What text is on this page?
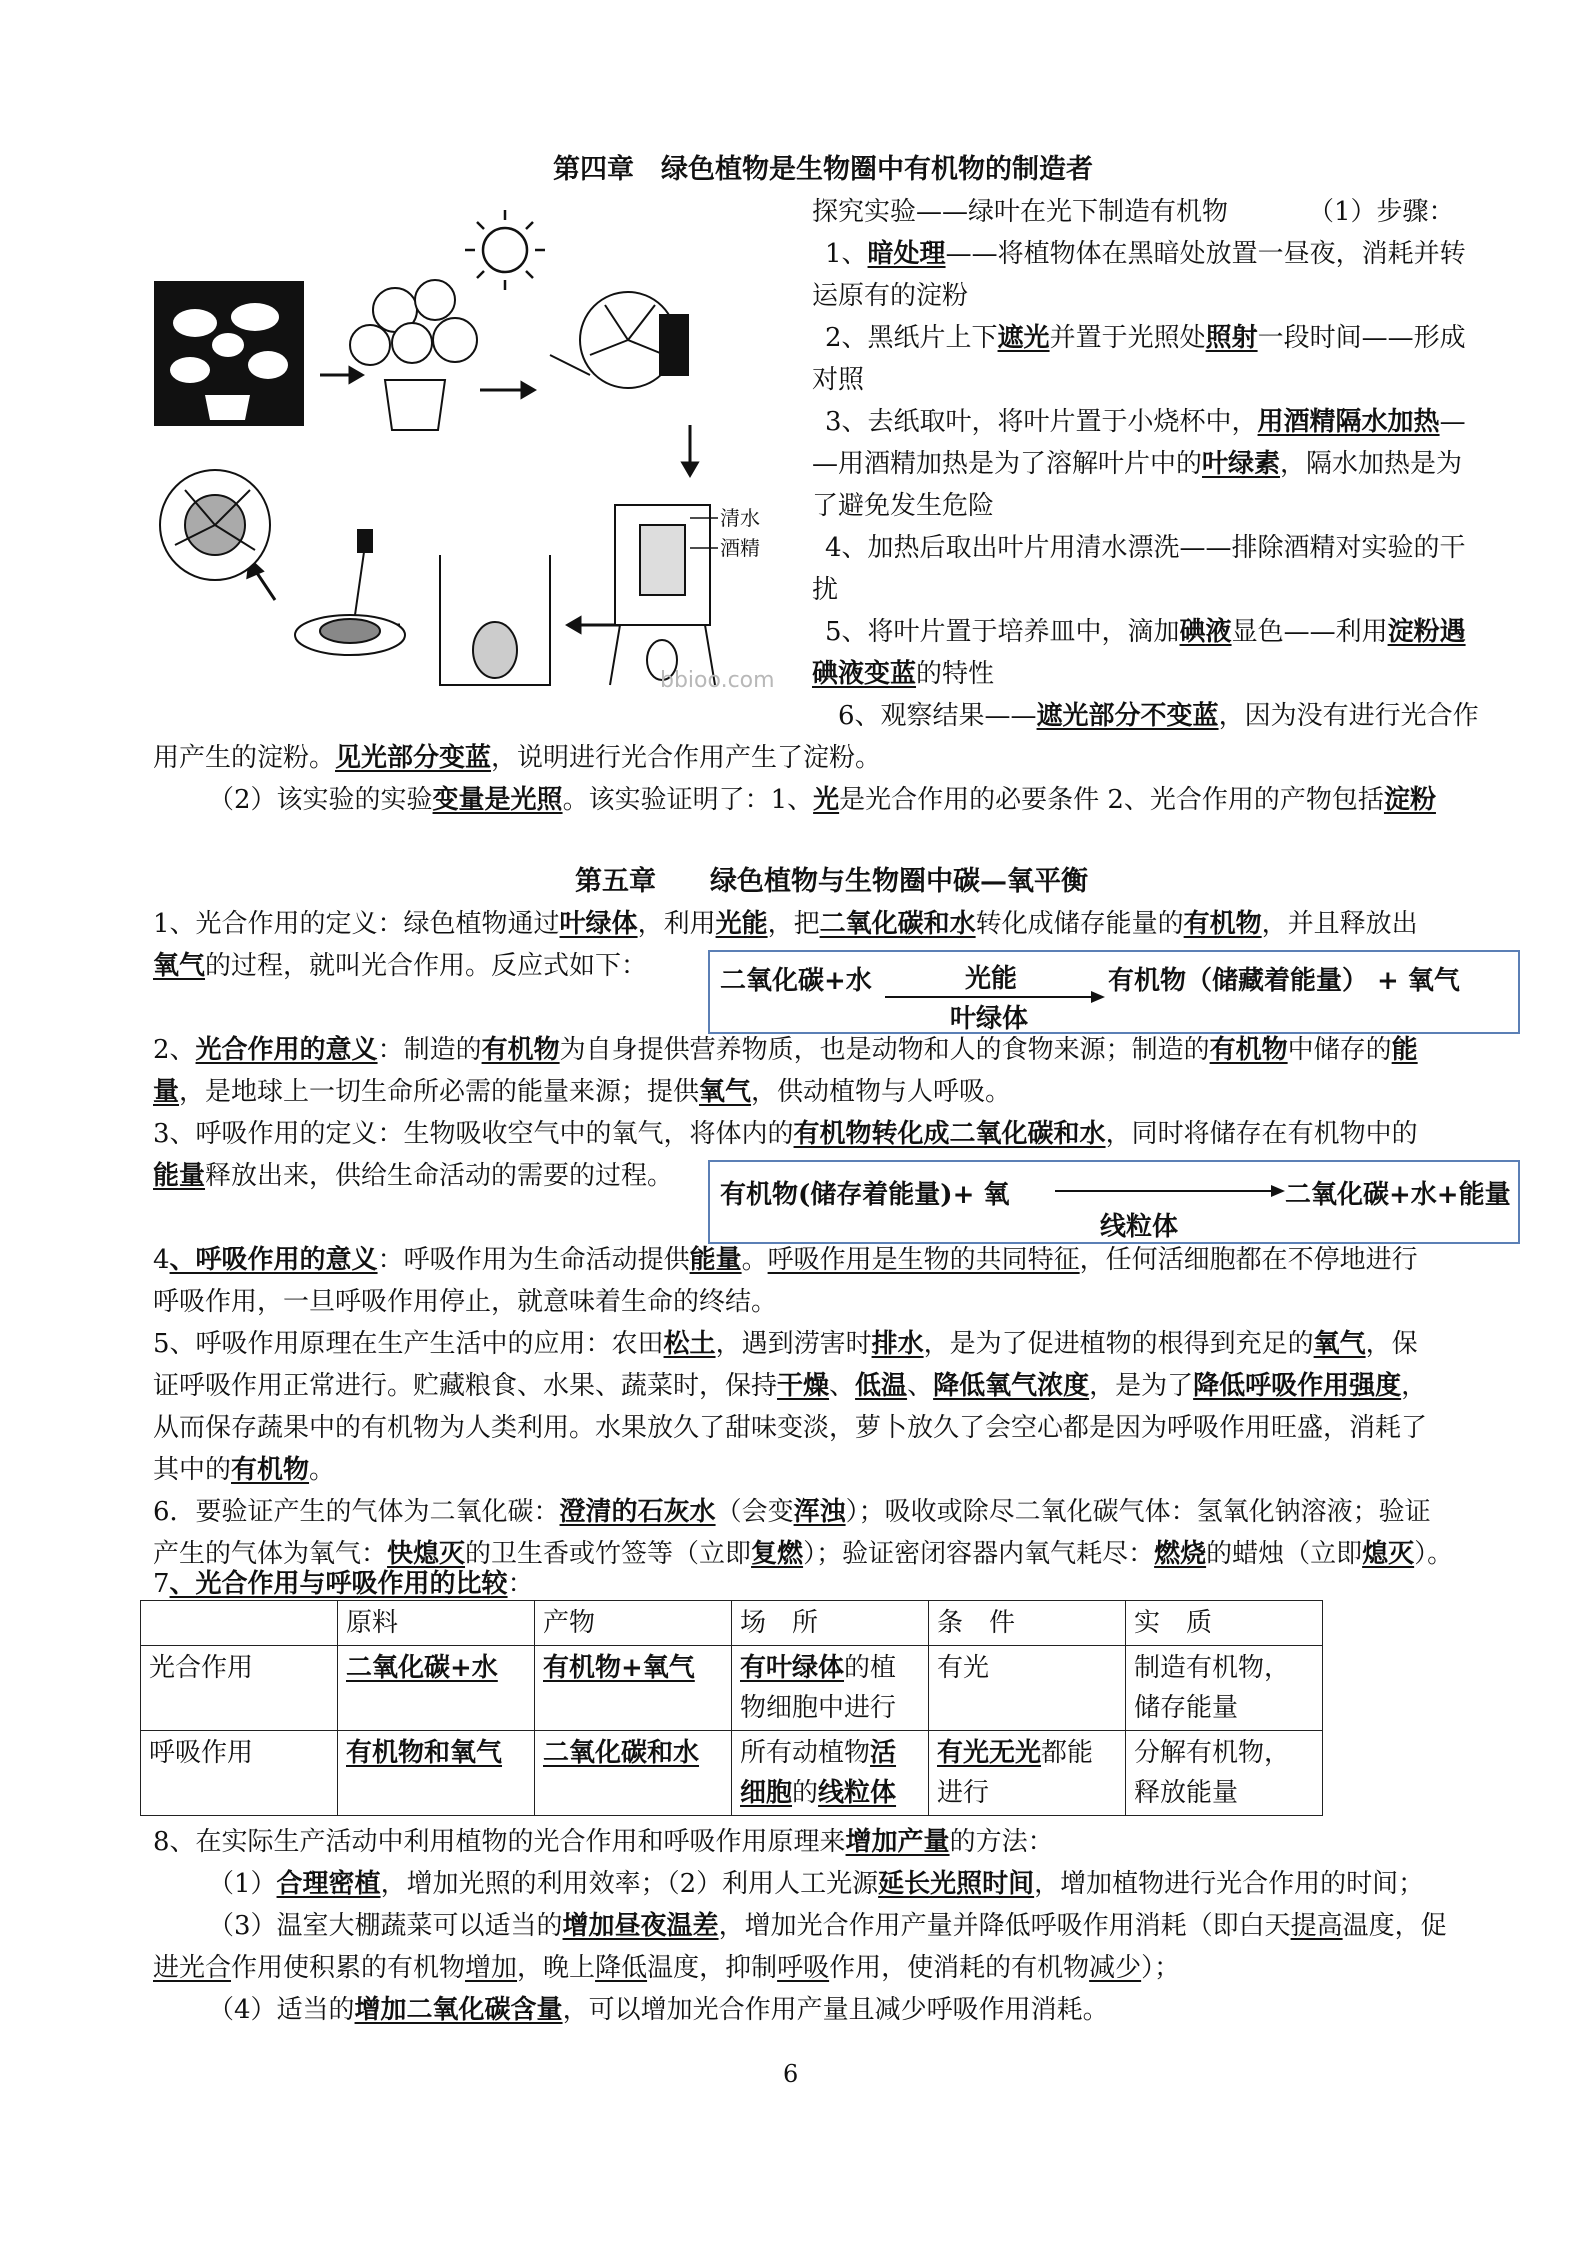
第四章　绿色植物是生物圈中有机物的制造者
清水
酒精
bbioo.com
探究实验——绿叶在光下制造有机物	（1）步骤：
1、暗处理——将植物体在黑暗处放置一昼夜，消耗并转
运原有的淀粉
2、黑纸片上下遮光并置于光照处照射一段时间——形成
对照
3、去纸取叶，将叶片置于小烧杯中，用酒精隔水加热—
—用酒精加热是为了溶解叶片中的叶绿素，隔水加热是为
了避免发生危险
4、加热后取出叶片用清水漂洗——排除酒精对实验的干
扰
5、将叶片置于培养皿中，滴加碘液显色——利用淀粉遇
碘液变蓝的特性
6、观察结果——遮光部分不变蓝，因为没有进行光合作
用产生的淀粉。见光部分变蓝，说明进行光合作用产生了淀粉。
（2）该实验的实验变量是光照。该实验证明了：1、光是光合作用的必要条件 2、光合作用的产物包括淀粉
第五章　　绿色植物与生物圈中碳—氧平衡
1、光合作用的定义：绿色植物通过叶绿体，利用光能，把二氧化碳和水转化成储存能量的有机物，并且释放出
氧气的过程，就叫光合作用。反应式如下：	二氧化碳+水	光能
叶绿体
有机物（储藏着能量） + 氧气
2、光合作用的意义：制造的有机物为自身提供营养物质，也是动物和人的食物来源；制造的有机物中储存的能
量，是地球上一切生命所必需的能量来源；提供氧气，供动植物与人呼吸。
3、呼吸作用的定义：生物吸收空气中的氧气，将体内的有机物转化成二氧化碳和水，同时将储存在有机物中的
能量释放出来，供给生命活动的需要的过程。
有机物(储存着能量)+ 氧
线粒体
二氧化碳+水+能量
4、呼吸作用的意义：呼吸作用为生命活动提供能量。呼吸作用是生物的共同特征，任何活细胞都在不停地进行
呼吸作用，一旦呼吸作用停止，就意味着生命的终结。
5、呼吸作用原理在生产生活中的应用：农田松土，遇到涝害时排水，是为了促进植物的根得到充足的氧气，保
证呼吸作用正常进行。贮藏粮食、水果、蔬菜时，保持干燥、低温、降低氧气浓度，是为了降低呼吸作用强度，
从而保存蔬果中的有机物为人类利用。水果放久了甜味变淡，萝卜放久了会空心都是因为呼吸作用旺盛，消耗了
其中的有机物。
6．要验证产生的气体为二氧化碳：澄清的石灰水（会变浑浊）；吸收或除尽二氧化碳气体：氢氧化钠溶液；验证
产生的气体为氧气：快熄灭的卫生香或竹签等（立即复燃）；验证密闭容器内氧气耗尽：燃烧的蜡烛（立即熄灭）。
7、光合作用与呼吸作用的比较：
	原料	产物	场　所	条　件	实　质
光合作用	二氧化碳+水	有机物+氧气	有叶绿体的植
物细胞中进行	有光	制造有机物，
储存能量
呼吸作用	有机物和氧气	二氧化碳和水	所有动植物活
细胞的线粒体	有光无光都能
进行	分解有机物，
释放能量
8、在实际生产活动中利用植物的光合作用和呼吸作用原理来增加产量的方法：
（1）合理密植，增加光照的利用效率；（2）利用人工光源延长光照时间，增加植物进行光合作用的时间；
（3）温室大棚蔬菜可以适当的增加昼夜温差，增加光合作用产量并降低呼吸作用消耗（即白天提高温度，促
进光合作用使积累的有机物增加，晚上降低温度，抑制呼吸作用，使消耗的有机物减少）；
（4）适当的增加二氧化碳含量，可以增加光合作用产量且减少呼吸作用消耗。
6
